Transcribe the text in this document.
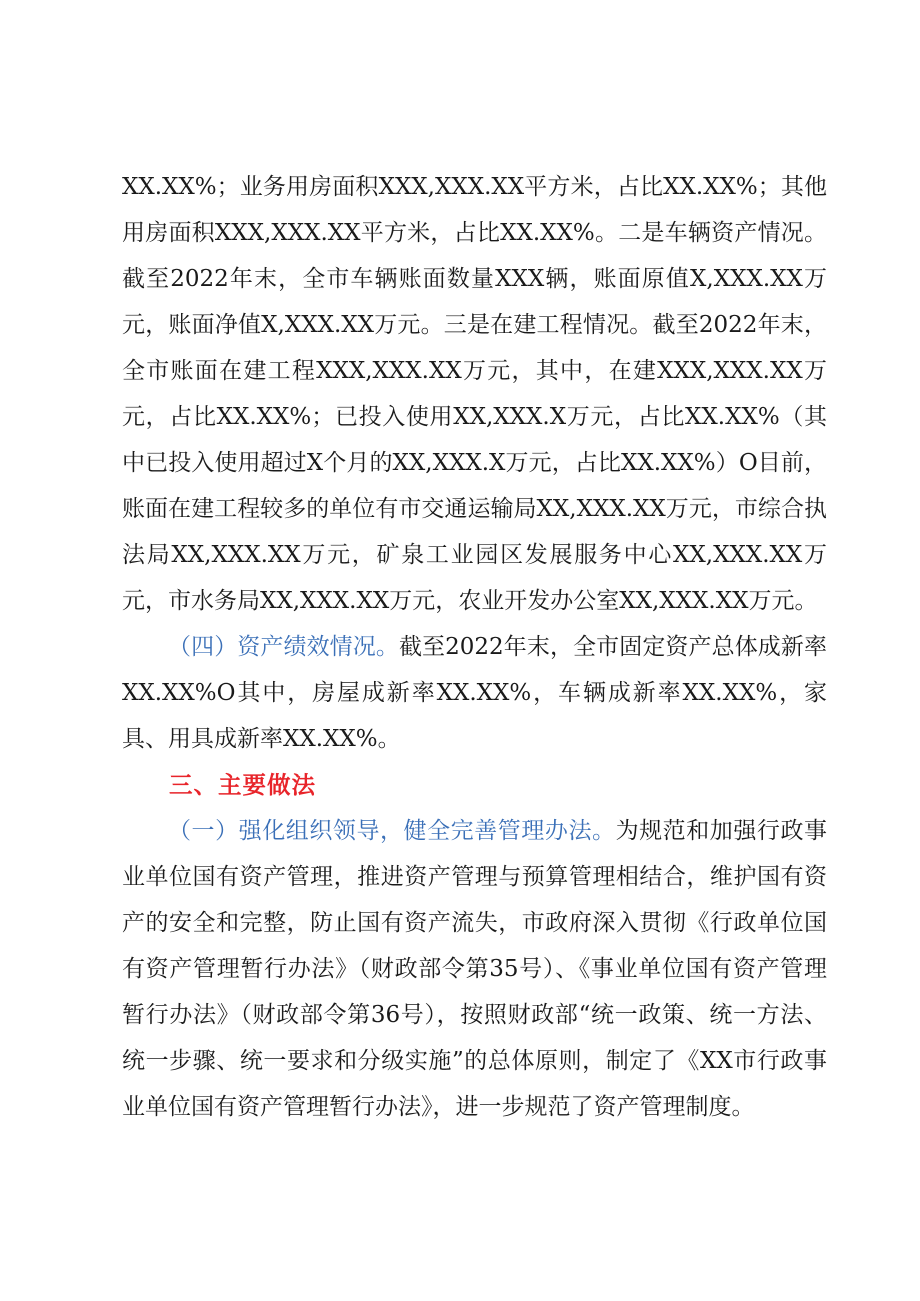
XX.XX%；业务用房面积XXX,XXX.XX平方米，占比XX.XX%；其他用房面积XXX,XXX.XX平方米，占比XX.XX%。二是车辆资产情况。截至2022年末，全市车辆账面数量XXX辆，账面原值X,XXX.XX万元，账面净值X,XXX.XX万元。三是在建工程情况。截至2022年末，全市账面在建工程XXX,XXX.XX万元，其中，在建XXX,XXX.XX万元，占比XX.XX%；已投入使用XX,XXX.X万元，占比XX.XX%（其中已投入使用超过X个月的XX,XXX.X万元，占比XX.XX%）O目前，账面在建工程较多的单位有市交通运输局XX,XXX.XX万元，市综合执法局XX,XXX.XX万元，矿泉工业园区发展服务中心XX,XXX.XX万元，市水务局XX,XXX.XX万元，农业开发办公室XX,XXX.XX万元。

（四）资产绩效情况。截至2022年末，全市固定资产总体成新率XX.XX%O其中，房屋成新率XX.XX%，车辆成新率XX.XX%，家具、用具成新率XX.XX%。

三、主要做法

（一）强化组织领导，健全完善管理办法。为规范和加强行政事业单位国有资产管理，推进资产管理与预算管理相结合，维护国有资产的安全和完整，防止国有资产流失，市政府深入贯彻《行政单位国有资产管理暂行办法》（财政部令第35号）、《事业单位国有资产管理暂行办法》（财政部令第36号），按照财政部“统一政策、统一方法、统一步骤、统一要求和分级实施”的总体原则，制定了《XX市行政事业单位国有资产管理暂行办法》，进一步规范了资产管理制度。
